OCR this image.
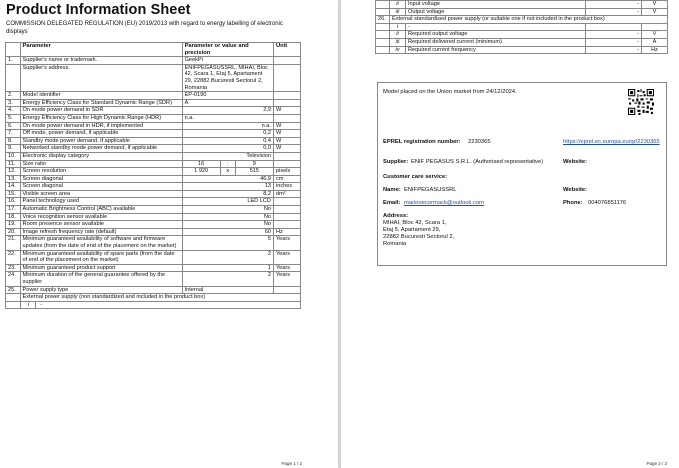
Product Information Sheet
COMMISSION DELEGATED REGULATION (EU) 2019/2013 with regard to energy labelling of electronic displays
	Parameter	Parameter or value and precision	Unit
1.	Supplier's name or trademark.	GeekPi	
	Supplier's address.	ENIFPEGASUSSRL, MIHAI, Bloc 42, Scara 1, Etaj 5, Apartament 29, 22882 Bucuresti Sectorul 2, Romania	
2.	Model identifier	EP-0190	
3.	Energy Efficiency Class for Standard Dynamic Range (SDR)	A	
4.	On mode power demand in SDR	2,9	W
5.	Energy Efficiency Class for High Dynamic Range (HDR)	n.a.	
6.	On mode power demand in HDR, if implemented	n.a.	W
7.	Off mode, power demand, if applicable	0,2	W
8.	Standby mode power demand, if applicable	0,4	W
9.	Networked standby mode power demand, if applicable	0,0	W
10.	Electronic display category	Television	
11.	Size ratio	16 : 9	

12.	Screen resolution	1 920 x 515	pixels
13.	Screen diagonal	46,9	cm
14.	Screen diagonal	13	inches
15.	Visible screen area	8,2	dm²
16.	Panel technology used	LED LCD	
17.	Automatic Brightness Control (ABC) available	No	
18.	Voice recognition sensor available	No	
19.	Room presence sensor available	No	
20.	Image refresh frequency rate (default)	60	Hz
21.	Minimum guaranteed availability of software and firmware updates (from the date of end of the placement on the market)	5	Years
22.	Minimum guaranteed availability of spare parts (from the date of end of the placement on the market)	2	Years
23.	Minimum guaranteed product support	1	Years
24.	Minimum duration of the general guarantee offered by the supplier	2	Years
25.	Power supply type	Internal	
	External power supply (non standardized and included in the product box)		
	i -		
Page 1 / 2
	ii	Input voltage	-	V
	iii	Output voltage	-	V
26.	External standardised power supply (or suitable one if not included in the product box)			
	i	-		
	ii	Required output voltage	-	V
	iii	Required delivered current (minimum)	-	A
	iv	Required current frequency	-	Hz
Model placed on the Union market from 24/12/2024.
EPREL registration number: 2230365	https://eprel.ec.europa.eu/qr/2230365
Supplier: ENIF PEGASUS S.R.L. (Authorised representative)	Website:
Customer care service:
Name: ENIFPEGASUSSRL	Website:
Email: marinoecormack@outlook.com	Phone: 004076851176
Address:
MIHAI, Bloc 42, Scara 1,
Etaj 5, Apartament 29,
22882 Bucuresti Sectorul 2,
Romania
Page 2 / 2
